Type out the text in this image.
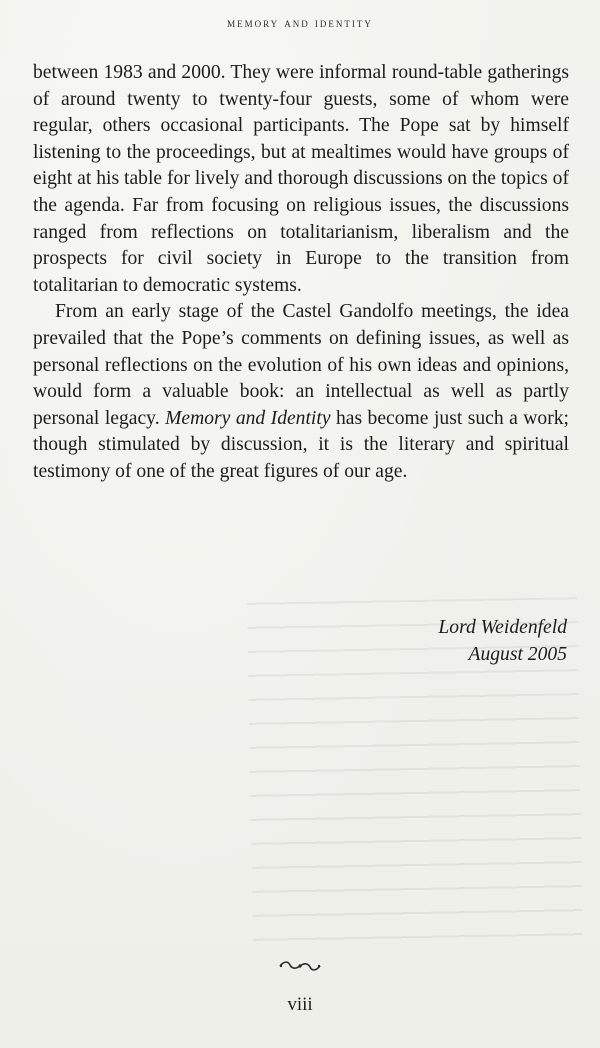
memory and identity

between 1983 and 2000. They were informal round-table gatherings of around twenty to twenty-four guests, some of whom were regular, others occasional participants. The Pope sat by himself listening to the proceedings, but at mealtimes would have groups of eight at his table for lively and thorough discussions on the topics of the agenda. Far from focusing on religious issues, the discussions ranged from reflections on totalitarianism, liberalism and the prospects for civil society in Europe to the transition from totalitarian to democratic systems.

From an early stage of the Castel Gandolfo meetings, the idea prevailed that the Pope’s comments on defining issues, as well as personal reflections on the evolution of his own ideas and opinions, would form a valuable book: an intellectual as well as partly personal legacy. Memory and Identity has become just such a work; though stimulated by discussion, it is the literary and spiritual testimony of one of the great figures of our age.

Lord Weidenfeld
August 2005
viii
